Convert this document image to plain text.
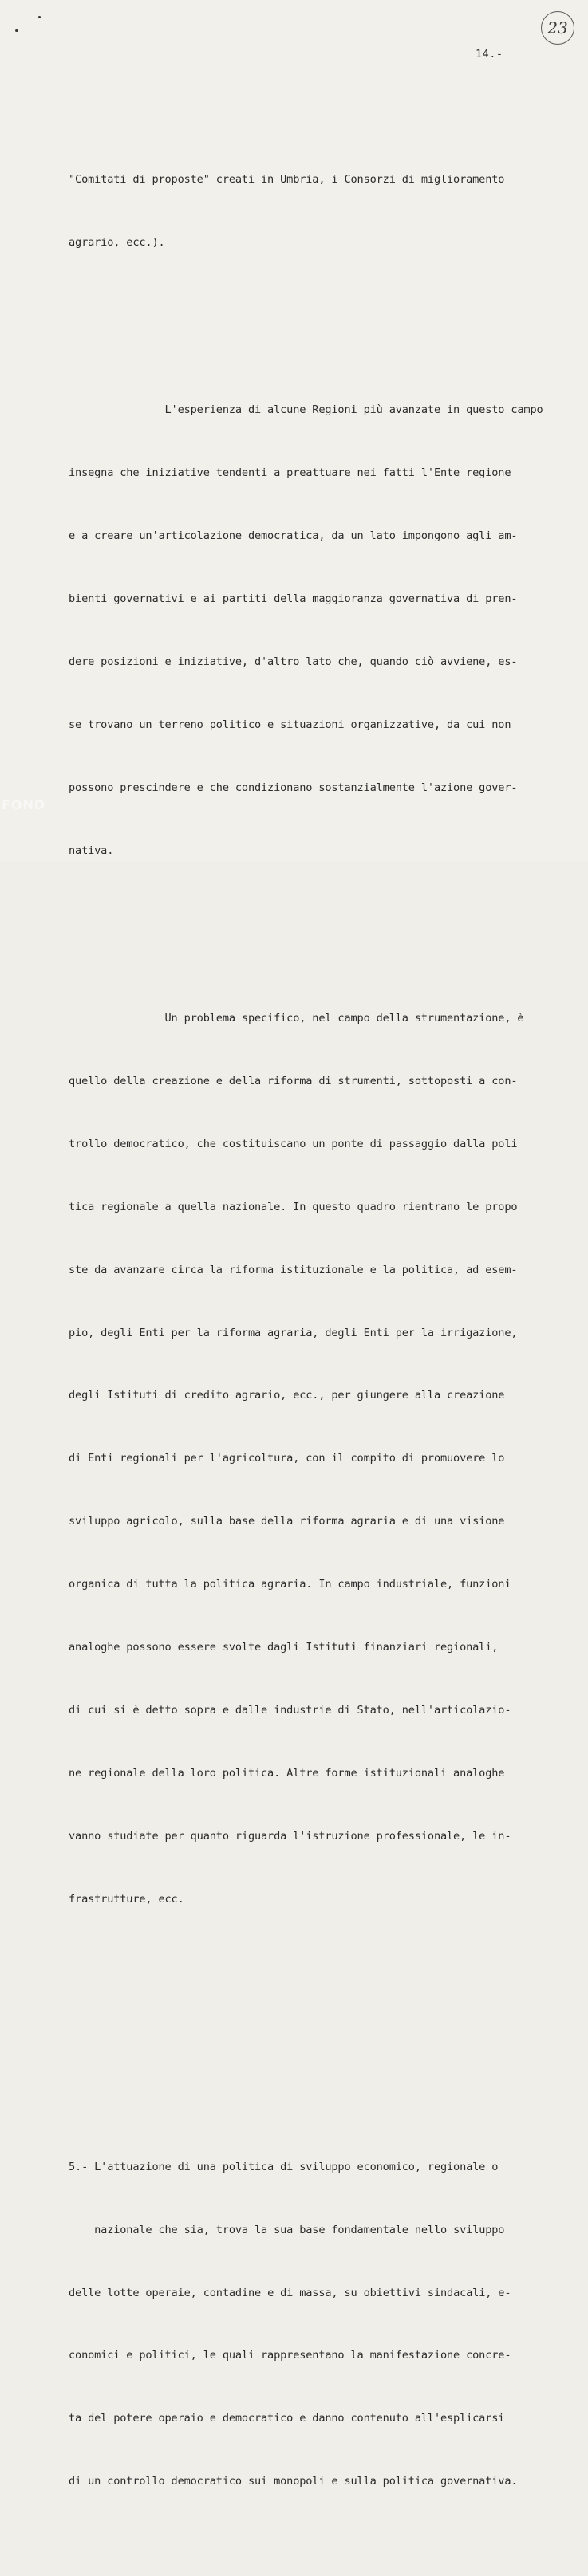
23
14.-

"Comitati di proposte" creati in Umbria, i Consorzi di miglioramento

agrario, ecc.).

L'esperienza di alcune Regioni più avanzate in questo campo

insegna che iniziative tendenti a preattuare nei fatti l'Ente regione

e a creare un'articolazione democratica, da un lato impongono agli am-

bienti governativi e ai partiti della maggioranza governativa di pren-

dere posizioni e iniziative, d'altro lato che, quando ciò avviene, es-

se trovano un terreno politico e situazioni organizzative, da cui non

possono prescindere e che condizionano sostanzialmente l'azione gover-

nativa.

Un problema specifico, nel campo della strumentazione, è

quello della creazione e della riforma di strumenti, sottoposti a con-

trollo democratico, che costituiscano un ponte di passaggio dalla poli

tica regionale a quella nazionale. In questo quadro rientrano le propo

ste da avanzare circa la riforma istituzionale e la politica, ad esem-

pio, degli Enti per la riforma agraria, degli Enti per la irrigazione,

degli Istituti di credito agrario, ecc., per giungere alla creazione

di Enti regionali per l'agricoltura, con il compito di promuovere lo

sviluppo agricolo, sulla base della riforma agraria e di una visione

organica di tutta la politica agraria. In campo industriale, funzioni

analoghe possono essere svolte dagli Istituti finanziari regionali,

di cui si è detto sopra e dalle industrie di Stato, nell'articolazio-

ne regionale della loro politica. Altre forme istituzionali analoghe

vanno studiate per quanto riguarda l'istruzione professionale, le in-

frastrutture, ecc.

5.- L'attuazione di una politica di sviluppo economico, regionale o

nazionale che sia, trova la sua base fondamentale nello sviluppo

delle lotte operaie, contadine e di massa, su obiettivi sindacali, e-

conomici e politici, le quali rappresentano la manifestazione concre-

ta del potere operaio e democratico e danno contenuto all'esplicarsi

di un controllo democratico sui monopoli e sulla politica governativa.

FOND
